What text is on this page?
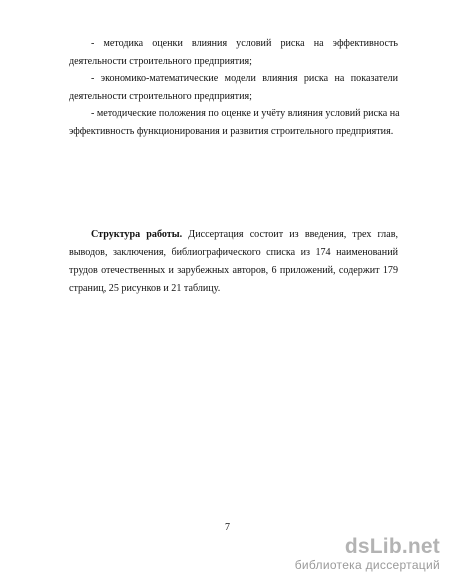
- методика оценки влияния условий риска на эффективность
деятельности строительного предприятия;

- экономико-математические модели влияния риска на показатели
деятельности строительного предприятия;

- методические положения по оценке и учёту влияния условий риска на
эффективность функционирования и развития строительного предприятия.

Структура работы. Диссертация состоит из введения, трех глав,
выводов, заключения, библиографического списка из 174 наименований
трудов отечественных и зарубежных авторов, 6 приложений, содержит 179
страниц, 25 рисунков и 21 таблицу.

7
dsLib.net
библиотека диссертаций
